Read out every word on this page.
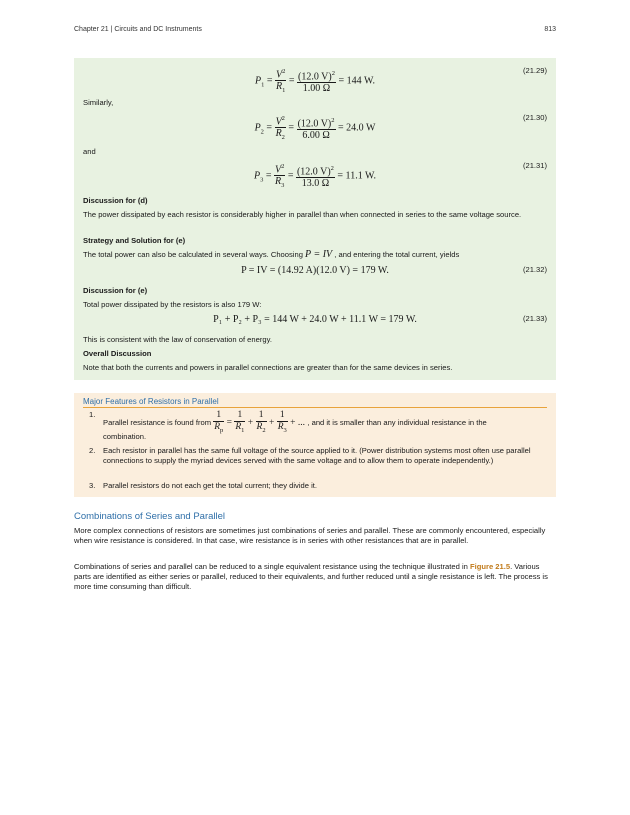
Chapter 21 | Circuits and DC Instruments	813
$P_1 = \frac{V^2}{R_1} = \frac{(12.0 V)^2}{1.00 \Omega} = 144$ W.
(21.29)

Similarly,

$P_2 = \frac{V^2}{R_2} = \frac{(12.0 V)^2}{6.00 \Omega} = 24.0$ W
(21.30)

and

$P_3 = \frac{V^2}{R_3} = \frac{(12.0 V)^2}{13.0 \Omega} = 11.1$ W.
(21.31)

Discussion for (d)

The power dissipated by each resistor is considerably higher in parallel than when connected in series to the same voltage source.

Strategy and Solution for (e)

The total power can also be calculated in several ways. Choosing P = IV , and entering the total current, yields

P = IV = (14.92 A)(12.0 V) = 179 W.	(21.32)

Discussion for (e)

Total power dissipated by the resistors is also 179 W:

P₁ + P₂ + P₃ = 144 W + 24.0 W + 11.1 W = 179 W.	(21.33)

This is consistent with the law of conservation of energy.

Overall Discussion

Note that both the currents and powers in parallel connections are greater than for the same devices in series.

Major Features of Resistors in Parallel
1.
Parallel resistance is found from $\frac{1}{R_p} = \frac{1}{R_1} + \frac{1}{R_2} + \frac{1}{R_3}$ + ... , and it is smaller than any individual resistance in the
combination.
2. Each resistor in parallel has the same full voltage of the source applied to it. (Power distribution systems most often use parallel connections to supply the myriad devices served with the same voltage and to allow them to operate independently.)
3. Parallel resistors do not each get the total current; they divide it.
Combinations of Series and Parallel

More complex connections of resistors are sometimes just combinations of series and parallel. These are commonly encountered, especially when wire resistance is considered. In that case, wire resistance is in series with other resistances that are in parallel.

Combinations of series and parallel can be reduced to a single equivalent resistance using the technique illustrated in Figure 21.5. Various parts are identified as either series or parallel, reduced to their equivalents, and further reduced until a single resistance is left. The process is more time consuming than difficult.
